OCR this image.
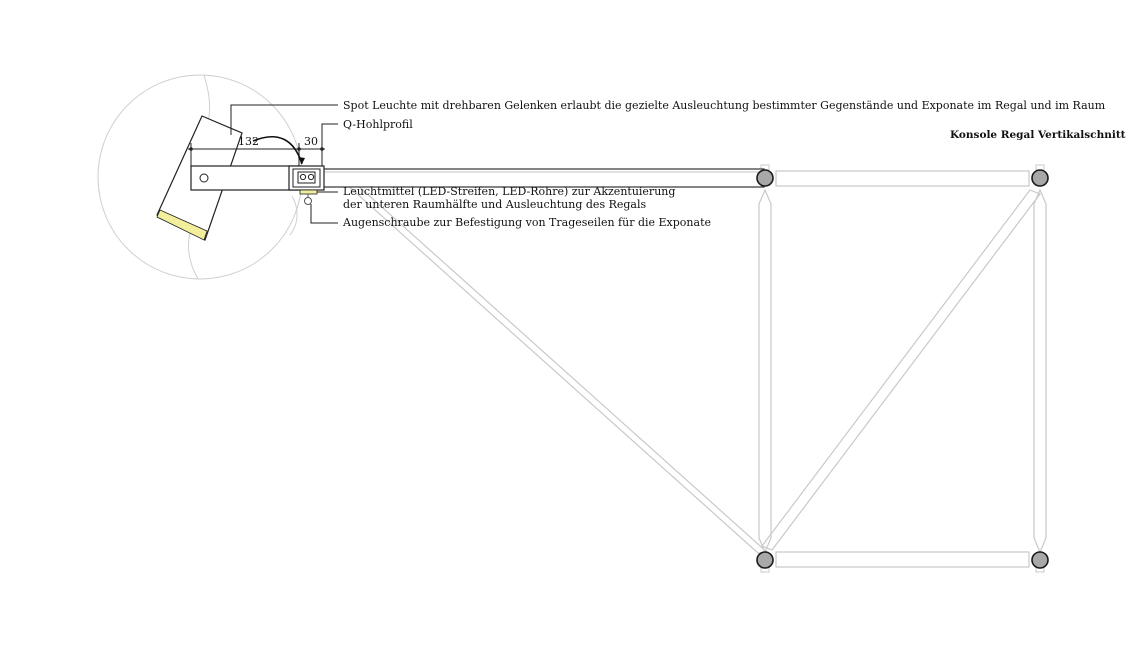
Konsole Regal Vertikalschnitt
132	30
Spot Leuchte mit drehbaren Gelenken erlaubt die gezielte Ausleuchtung bestimmter Gegenstände und Exponate im Regal und im Raum
Q-Hohlprofil
Leuchtmittel (LED-Streifen, LED-Röhre) zur Akzentuierung
der unteren Raumhälfte und Ausleuchtung des Regals
Augenschraube zur Befestigung von Trageseilen für die Exponate
